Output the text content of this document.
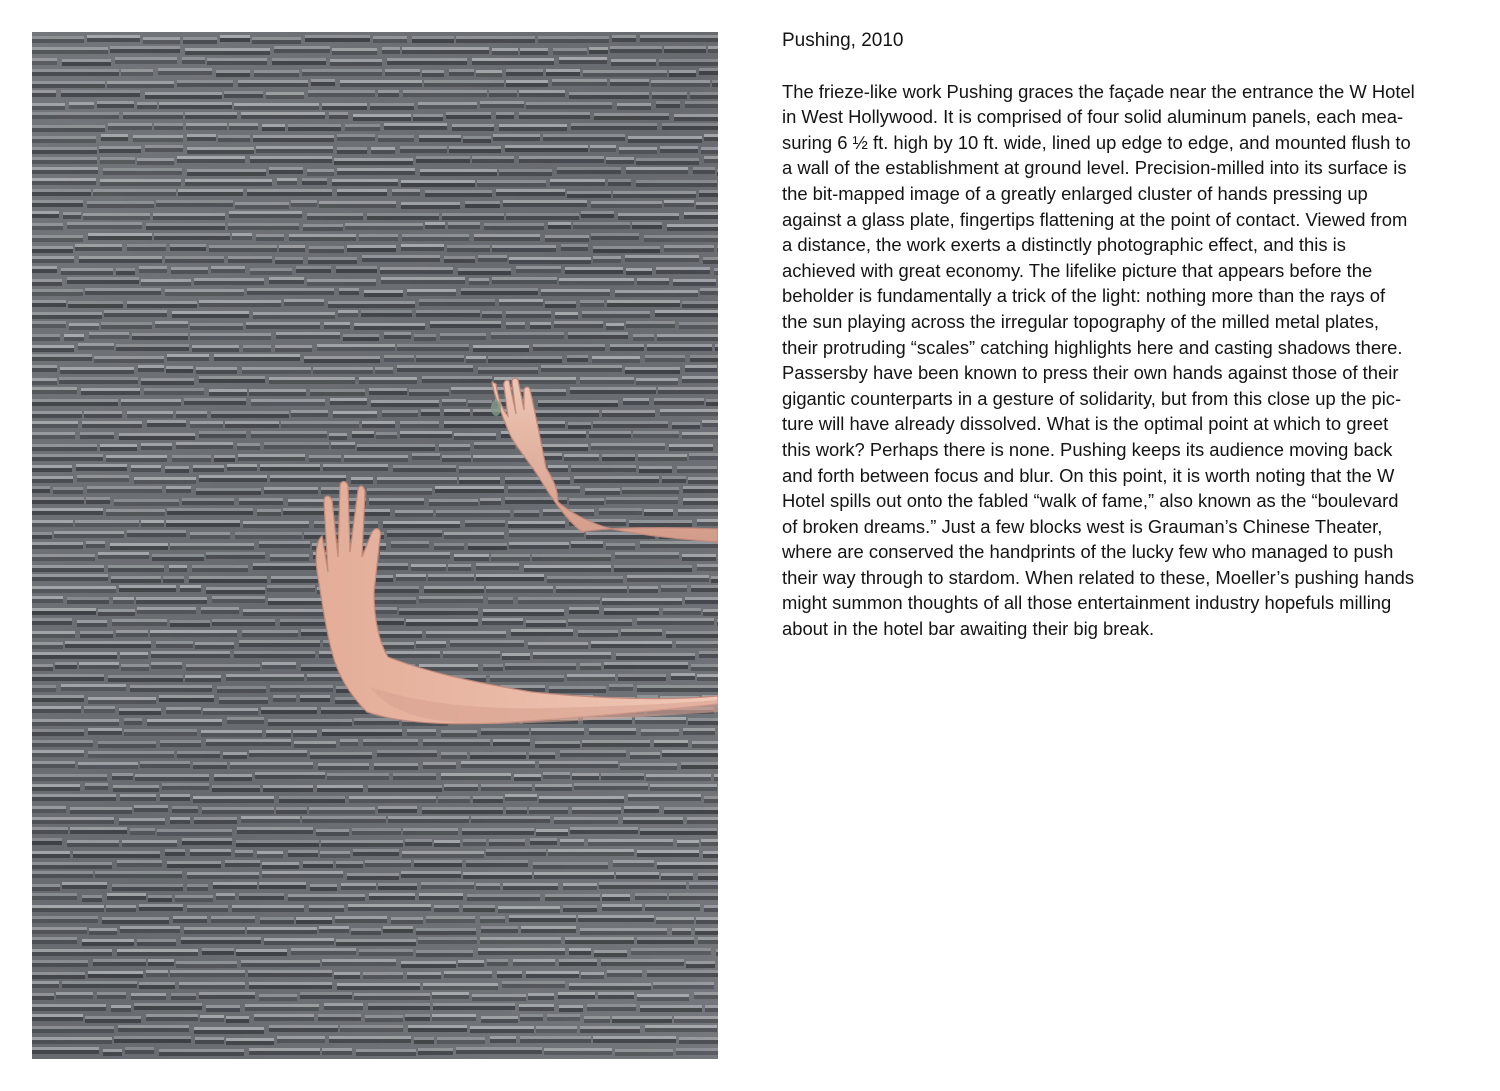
Pushing, 2010

The frieze-like work Pushing graces the façade near the entrance the W Hotel
in West Hollywood. It is comprised of four solid aluminum panels, each mea-
suring 6 ½ ft. high by 10 ft. wide, lined up edge to edge, and mounted flush to
a wall of the establishment at ground level. Precision-milled into its surface is
the bit-mapped image of a greatly enlarged cluster of hands pressing up
against a glass plate, fingertips flattening at the point of contact. Viewed from
a distance, the work exerts a distinctly photographic effect, and this is
achieved with great economy. The lifelike picture that appears before the
beholder is fundamentally a trick of the light: nothing more than the rays of
the sun playing across the irregular topography of the milled metal plates,
their protruding “scales” catching highlights here and casting shadows there.
Passersby have been known to press their own hands against those of their
gigantic counterparts in a gesture of solidarity, but from this close up the pic-
ture will have already dissolved. What is the optimal point at which to greet
this work? Perhaps there is none. Pushing keeps its audience moving back
and forth between focus and blur. On this point, it is worth noting that the W
Hotel spills out onto the fabled “walk of fame,” also known as the “boulevard
of broken dreams.” Just a few blocks west is Grauman’s Chinese Theater,
where are conserved the handprints of the lucky few who managed to push
their way through to stardom. When related to these, Moeller’s pushing hands
might summon thoughts of all those entertainment industry hopefuls milling
about in the hotel bar awaiting their big break.
